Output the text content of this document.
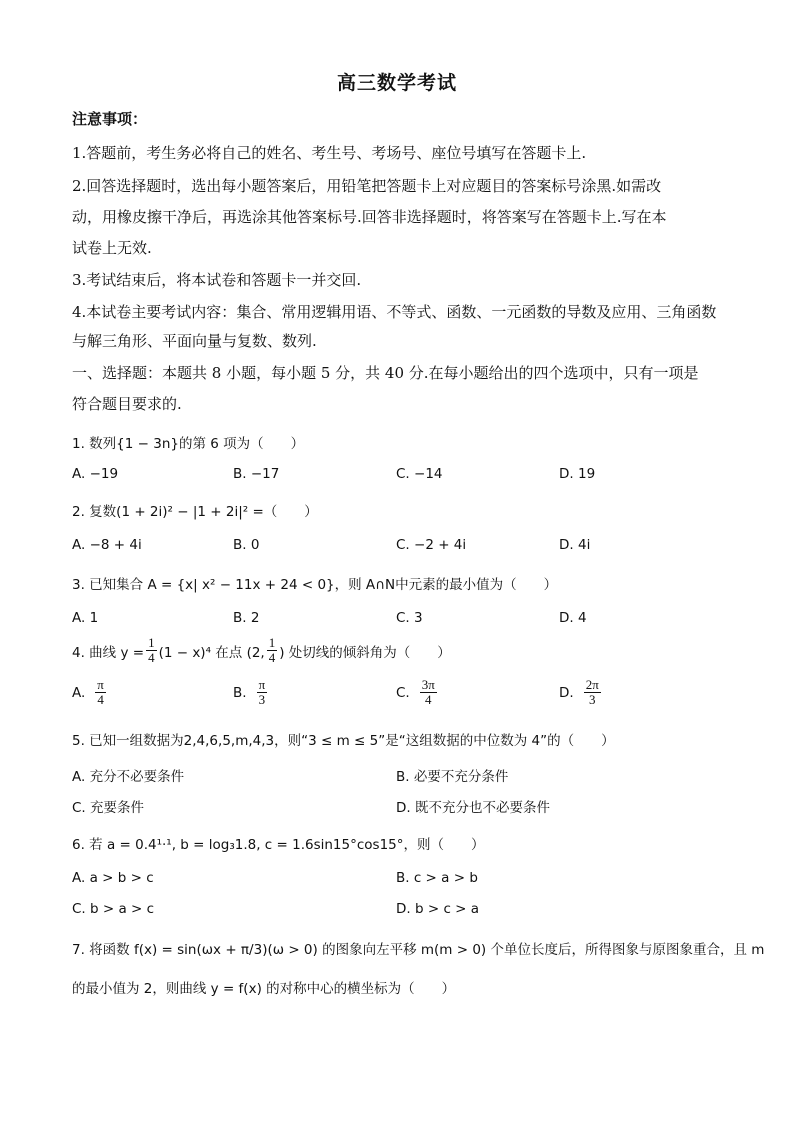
高三数学考试
注意事项：
1.答题前，考生务必将自己的姓名、考生号、考场号、座位号填写在答题卡上.
2.回答选择题时，选出每小题答案后，用铅笔把答题卡上对应题目的答案标号涂黑.如需改
动，用橡皮擦干净后，再选涂其他答案标号.回答非选择题时，将答案写在答题卡上.写在本
试卷上无效.
3.考试结束后，将本试卷和答题卡一并交回.
4.本试卷主要考试内容：集合、常用逻辑用语、不等式、函数、一元函数的导数及应用、三角函数
与解三角形、平面向量与复数、数列.
一、选择题：本题共 8 小题，每小题 5 分，共 40 分.在每小题给出的四个选项中，只有一项是
符合题目要求的.
1. 数列{1 − 3n}的第 6 项为（　　）
A. −19	B. −17	C. −14	D. 19
2. 复数(1 + 2i)² − |1 + 2i|² =（　　）
A. −8 + 4i	B. 0	C. −2 + 4i	D. 4i
3. 已知集合 A = {x| x² − 11x + 24 < 0}，则 A∩N中元素的最小值为（　　）
A. 1	B. 2	C. 3	D. 4
4. 曲线 $y = \frac{1}{4} (1 - x)^4$ 在点 (2, $\frac{1}{4}$ ) 处切线的倾斜角为（　　）
A. $\frac{\pi}{4}$	B. $\frac{\pi}{3}$	C. $\frac{3\pi}{4}$	D. $\frac{2\pi}{3}$
5. 已知一组数据为2,4,6,5,m,4,3，则“3 ≤ m ≤ 5”是“这组数据的中位数为 4”的（　　）
A. 充分不必要条件	B. 必要不充分条件
C. 充要条件	D. 既不充分也不必要条件
6. 若 a = 0.4¹·¹, b = log₃1.8, c = 1.6sin15°cos15°，则（　　）
A. a > b > c	B. c > a > b
C. b > a > c	D. b > c > a
7. 将函数 f(x) = sin(ωx + π/3)(ω > 0) 的图象向左平移 m(m > 0) 个单位长度后，所得图象与原图象重合，且 m
的最小值为 2，则曲线 y = f(x) 的对称中心的横坐标为（　　）
